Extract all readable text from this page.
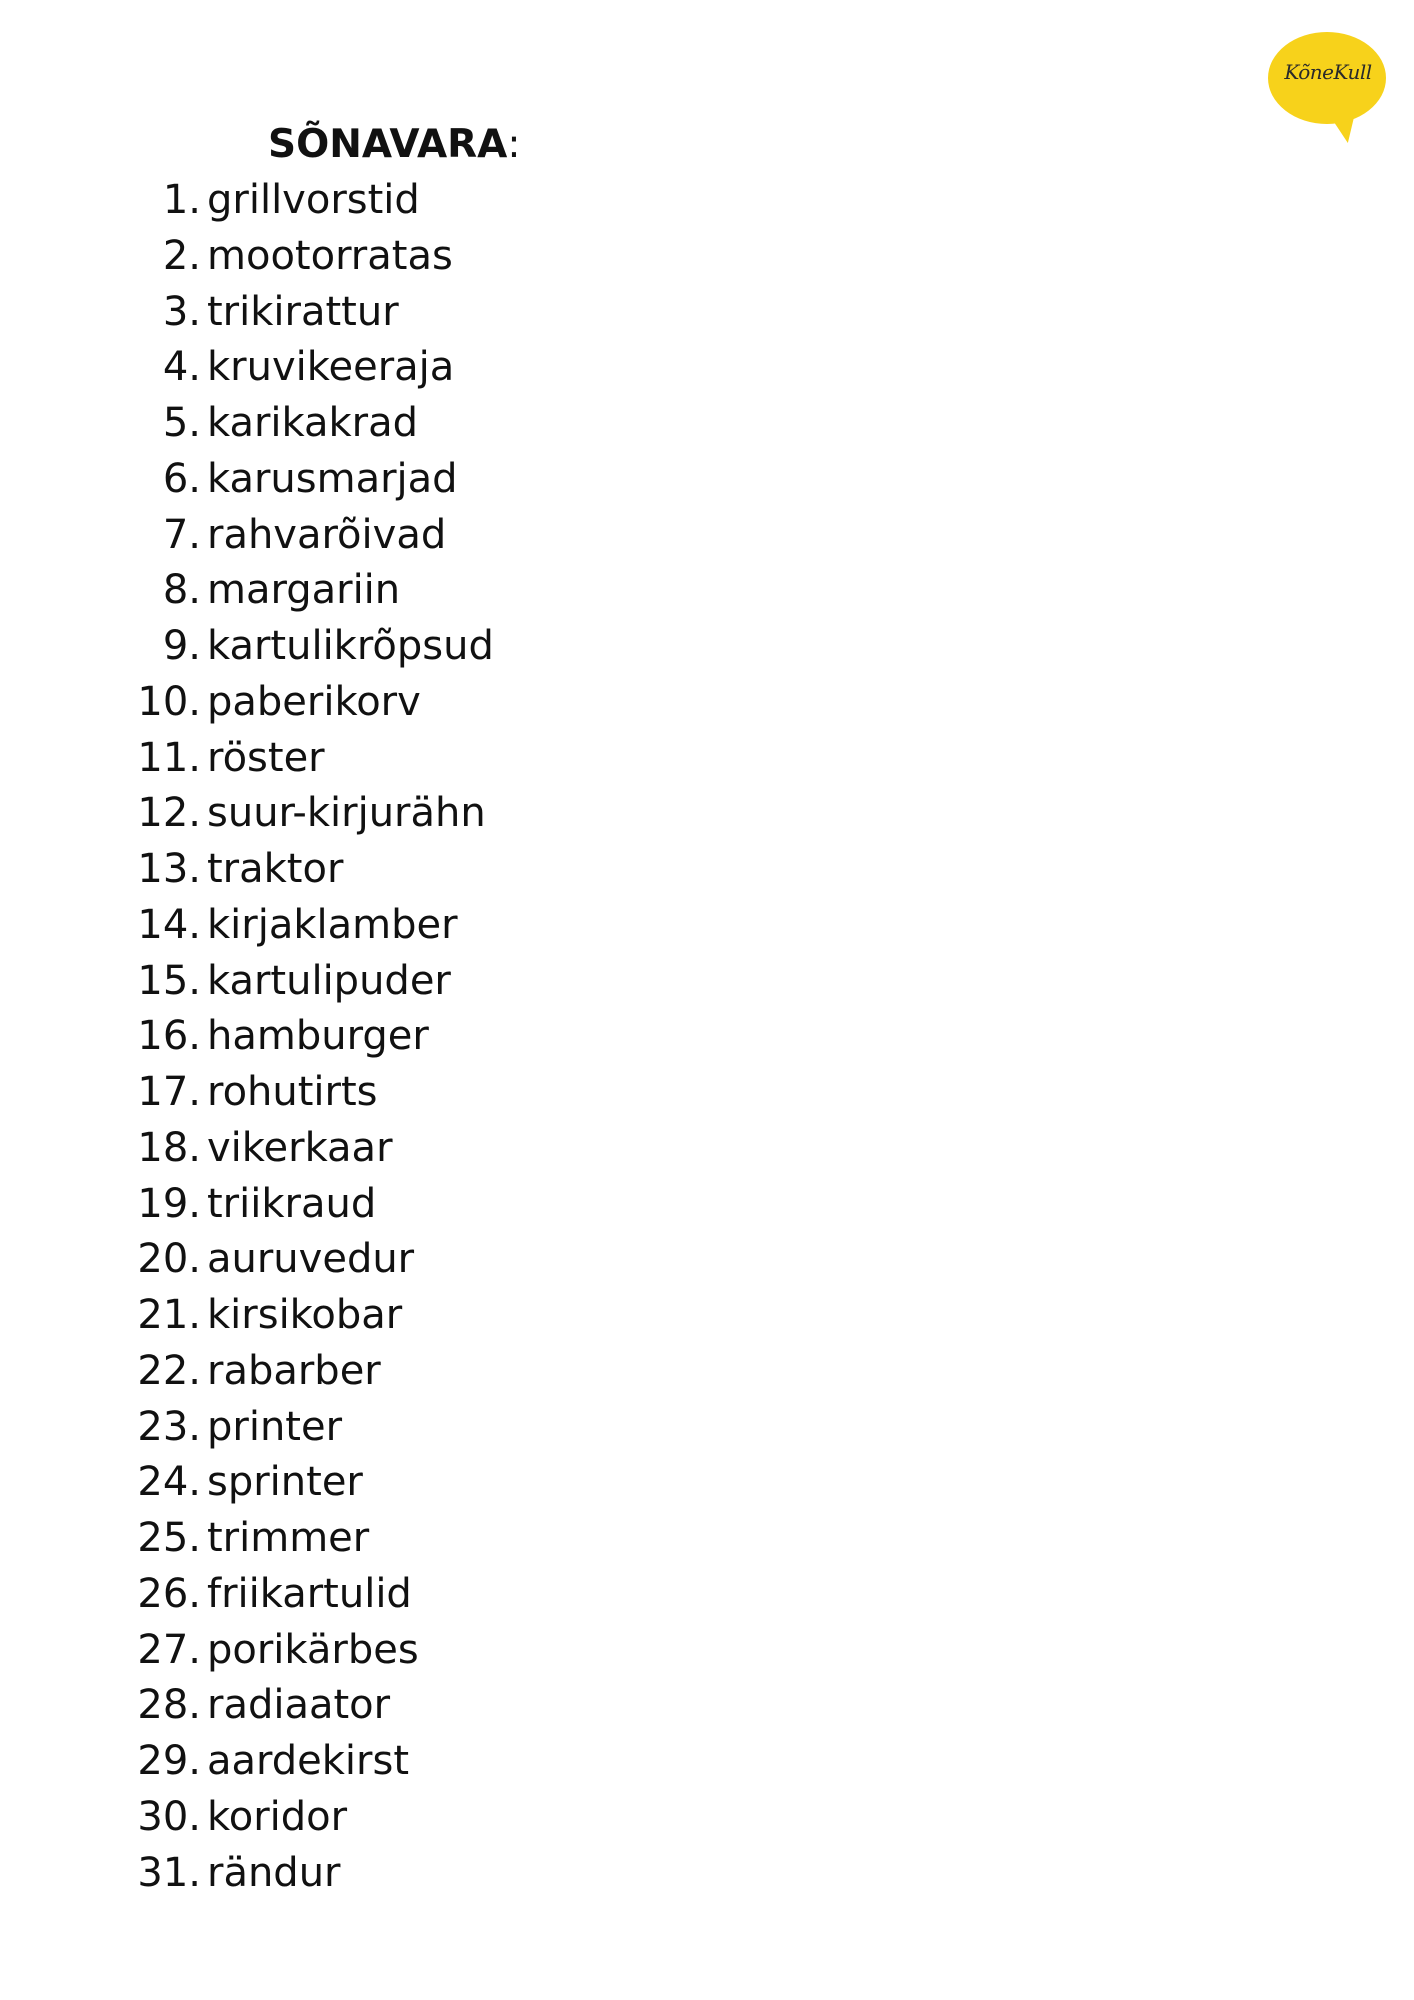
KõneKull
SÕNAVARA:
1. grillvorstid
2. mootorratas
3. trikirattur
4. kruvikeeraja
5. karikakrad
6. karusmarjad
7. rahvarõivad
8. margariin
9. kartulikrõpsud
10. paberikorv
11. röster
12. suur-kirjurähn
13. traktor
14. kirjaklamber
15. kartulipuder
16. hamburger
17. rohutirts
18. vikerkaar
19. triikraud
20. auruvedur
21. kirsikobar
22. rabarber
23. printer
24. sprinter
25. trimmer
26. friikartulid
27. porikärbes
28. radiaator
29. aardekirst
30. koridor
31. rändur
